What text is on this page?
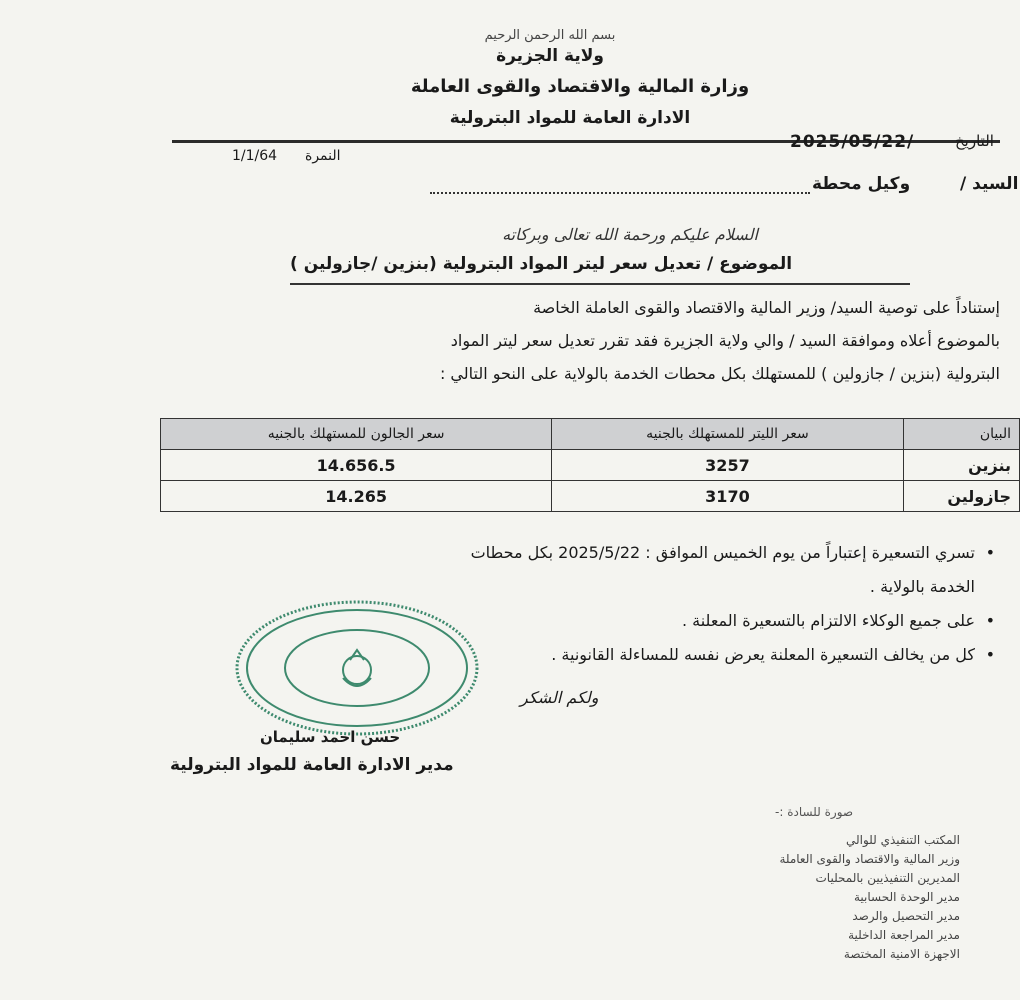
بسم الله الرحمن الرحيم
ولاية الجزيرة
وزارة المالية والاقتصاد والقوى العاملة
الادارة العامة للمواد البترولية
التاريخ
2025/05/22/
النمرة
1/1/64
السيد /
وكيل محطة
السلام عليكم ورحمة الله تعالى وبركاته
الموضوع / تعديل سعر ليتر المواد البترولية (بنزين /جازولين )
إستناداً على توصية السيد/ وزير المالية والاقتصاد والقوى العاملة الخاصة
بالموضوع أعلاه وموافقة السيد / والي ولاية الجزيرة فقد تقرر تعديل سعر ليتر المواد
البترولية (بنزين / جازولين ) للمستهلك بكل محطات الخدمة بالولاية على النحو التالي :
البيان	سعر الليتر للمستهلك بالجنيه	سعر الجالون للمستهلك بالجنيه
بنزين	3257	14.656.5
جازولين	3170	14.265
• تسري التسعيرة إعتباراً من يوم الخميس الموافق : 2025/5/22 بكل محطات
الخدمة بالولاية .
• على جميع الوكلاء الالتزام بالتسعيرة المعلنة .
• كل من يخالف التسعيرة المعلنة يعرض نفسه للمساءلة القانونية .
ولكم الشكر
حسن احمد سليمان
مدير الادارة العامة للمواد البترولية
صورة للسادة :-
المكتب التنفيذي للوالي
وزير المالية والاقتصاد والقوى العاملة
المديرين التنفيذيين بالمحليات
مدير الوحدة الحسابية
مدير التحصيل والرصد
مدير المراجعة الداخلية
الاجهزة الامنية المختصة
